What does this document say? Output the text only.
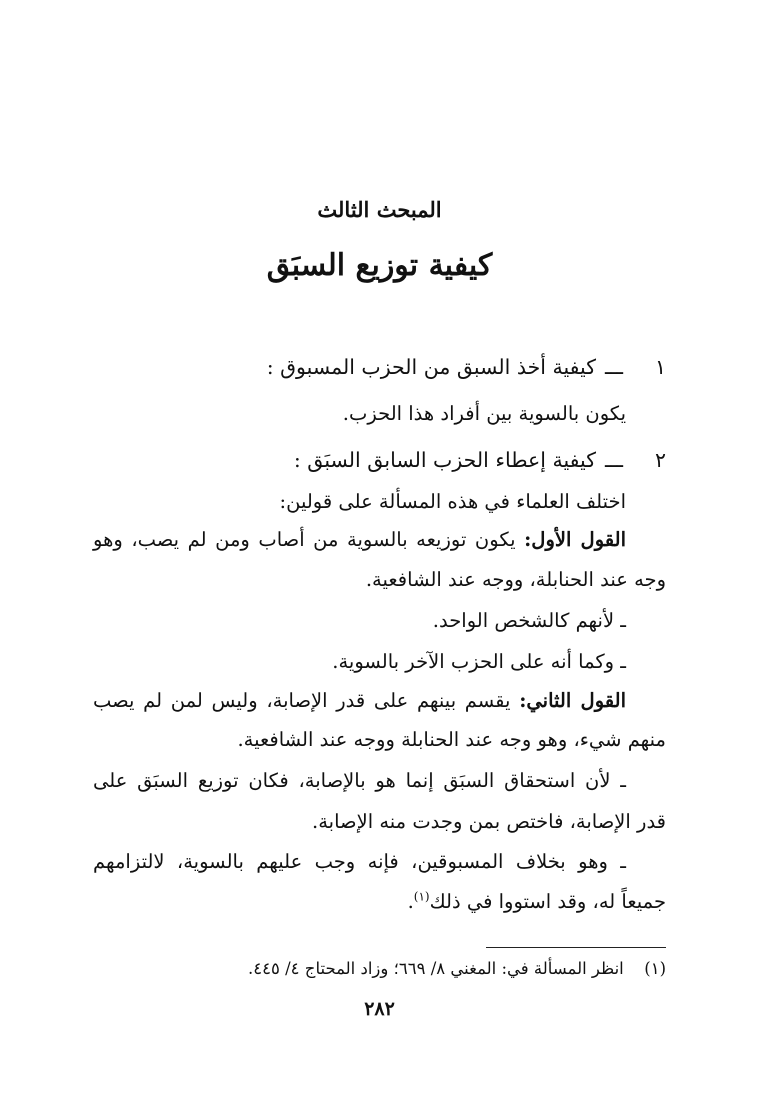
المبحث الثالث
كيفية توزيع السبَق
١ـــكيفية أخذ السبق من الحزب المسبوق :
يكون بالسوية بين أفراد هذا الحزب.
٢ـــكيفية إعطاء الحزب السابق السبَق :
اختلف العلماء في هذه المسألة على قولين:
القول الأول: يكون توزيعه بالسوية من أصاب ومن لم يصب، وهو
وجه عند الحنابلة، ووجه عند الشافعية.
ـ لأنهم كالشخص الواحد.
ـ وكما أنه على الحزب الآخر بالسوية.
القول الثاني: يقسم بينهم على قدر الإصابة، وليس لمن لم يصب
منهم شيء، وهو وجه عند الحنابلة ووجه عند الشافعية.
ـ لأن استحقاق السبَق إنما هو بالإصابة، فكان توزيع السبَق على
قدر الإصابة، فاختص بمن وجدت منه الإصابة.
ـ وهو بخلاف المسبوقين، فإنه وجب عليهم بالسوية، لالتزامهم
جميعاً له، وقد استووا في ذلك$^{(١)}$.
(١)  انظر المسألة في: المغني ٨/ ٦٦٩؛ وزاد المحتاج ٤/ ٤٤٥.
٢٨٢
